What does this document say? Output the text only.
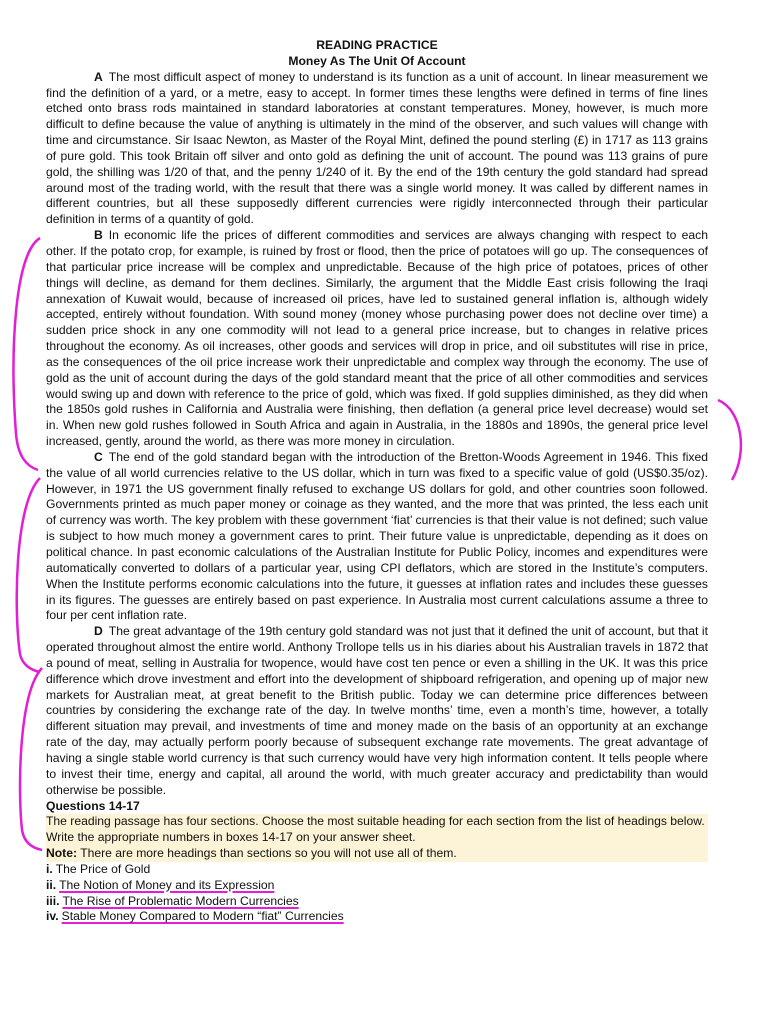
READING PRACTICE

Money As The Unit Of Account

A The most difficult aspect of money to understand is its function as a unit of account. In linear measurement we find the definition of a yard, or a metre, easy to accept. In former times these lengths were defined in terms of fine lines etched onto brass rods maintained in standard laboratories at constant temperatures. Money, however, is much more difficult to define because the value of anything is ultimately in the mind of the observer, and such values will change with time and circumstance. Sir Isaac Newton, as Master of the Royal Mint, defined the pound sterling (£) in 1717 as 113 grains of pure gold. This took Britain off silver and onto gold as defining the unit of account. The pound was 113 grains of pure gold, the shilling was 1/20 of that, and the penny 1/240 of it. By the end of the 19th century the gold standard had spread around most of the trading world, with the result that there was a single world money. It was called by different names in different countries, but all these supposedly different currencies were rigidly interconnected through their particular definition in terms of a quantity of gold.

B In economic life the prices of different commodities and services are always changing with respect to each other. If the potato crop, for example, is ruined by frost or flood, then the price of potatoes will go up. The consequences of that particular price increase will be complex and unpredictable. Because of the high price of potatoes, prices of other things will decline, as demand for them declines. Similarly, the argument that the Middle East crisis following the Iraqi annexation of Kuwait would, because of increased oil prices, have led to sustained general inflation is, although widely accepted, entirely without foundation. With sound money (money whose purchasing power does not decline over time) a sudden price shock in any one commodity will not lead to a general price increase, but to changes in relative prices throughout the economy. As oil increases, other goods and services will drop in price, and oil substitutes will rise in price, as the consequences of the oil price increase work their unpredictable and complex way through the economy. The use of gold as the unit of account during the days of the gold standard meant that the price of all other commodities and services would swing up and down with reference to the price of gold, which was fixed. If gold supplies diminished, as they did when the 1850s gold rushes in California and Australia were finishing, then deflation (a general price level decrease) would set in. When new gold rushes followed in South Africa and again in Australia, in the 1880s and 1890s, the general price level increased, gently, around the world, as there was more money in circulation.

C The end of the gold standard began with the introduction of the Bretton-Woods Agreement in 1946. This fixed the value of all world currencies relative to the US dollar, which in turn was fixed to a specific value of gold (US$0.35/oz). However, in 1971 the US government finally refused to exchange US dollars for gold, and other countries soon followed. Governments printed as much paper money or coinage as they wanted, and the more that was printed, the less each unit of currency was worth. The key problem with these government ‘fiat’ currencies is that their value is not defined; such value is subject to how much money a government cares to print. Their future value is unpredictable, depending as it does on political chance. In past economic calculations of the Australian Institute for Public Policy, incomes and expenditures were automatically converted to dollars of a particular year, using CPI deflators, which are stored in the Institute’s computers. When the Institute performs economic calculations into the future, it guesses at inflation rates and includes these guesses in its figures. The guesses are entirely based on past experience. In Australia most current calculations assume a three to four per cent inflation rate.

D The great advantage of the 19th century gold standard was not just that it defined the unit of account, but that it operated throughout almost the entire world. Anthony Trollope tells us in his diaries about his Australian travels in 1872 that a pound of meat, selling in Australia for twopence, would have cost ten pence or even a shilling in the UK. It was this price difference which drove investment and effort into the development of shipboard refrigeration, and opening up of major new markets for Australian meat, at great benefit to the British public. Today we can determine price differences between countries by considering the exchange rate of the day. In twelve months’ time, even a month’s time, however, a totally different situation may prevail, and investments of time and money made on the basis of an opportunity at an exchange rate of the day, may actually perform poorly because of subsequent exchange rate movements. The great advantage of having a single stable world currency is that such currency would have very high information content. It tells people where to invest their time, energy and capital, all around the world, with much greater accuracy and predictability than would otherwise be possible.

Questions 14-17

The reading passage has four sections. Choose the most suitable heading for each section from the list of headings below.

Write the appropriate numbers in boxes 14-17 on your answer sheet.

Note: There are more headings than sections so you will not use all of them.

i. The Price of Gold

ii. The Notion of Money and its Expression

iii. The Rise of Problematic Modern Currencies

iv. Stable Money Compared to Modern “fiat” Currencies
